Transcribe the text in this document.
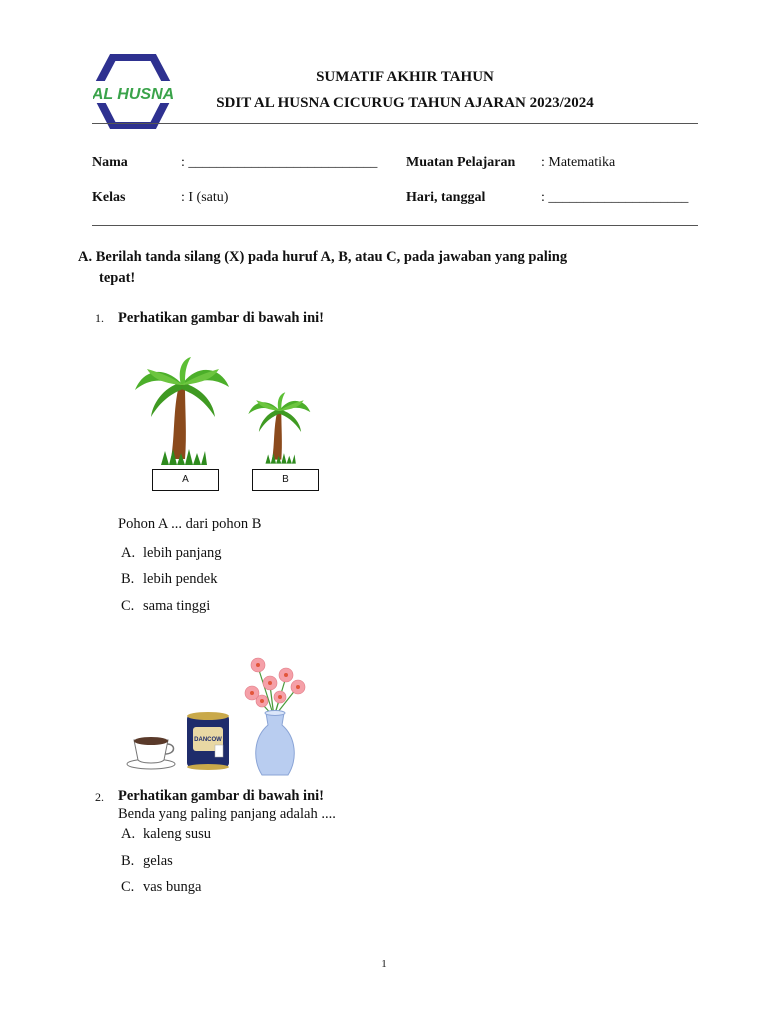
AL HUSNA
SUMATIF AKHIR TAHUN
SDIT AL HUSNA CICURUG TAHUN AJARAN 2023/2024
Nama	: ___________________________ Muatan Pelajaran : Matematika
Kelas	: I (satu)	Hari, tanggal	: ____________________
A. Berilah tanda silang (X) pada huruf A, B, atau C, pada jawaban yang paling
tepat!
1. Perhatikan gambar di bawah ini!
A	B
Pohon A ... dari pohon B
A. lebih panjang
B. lebih pendek
C. sama tinggi
DANCOW
2. Perhatikan gambar di bawah ini!
Benda yang paling panjang adalah ....
A. kaleng susu
B. gelas
C. vas bunga
1
